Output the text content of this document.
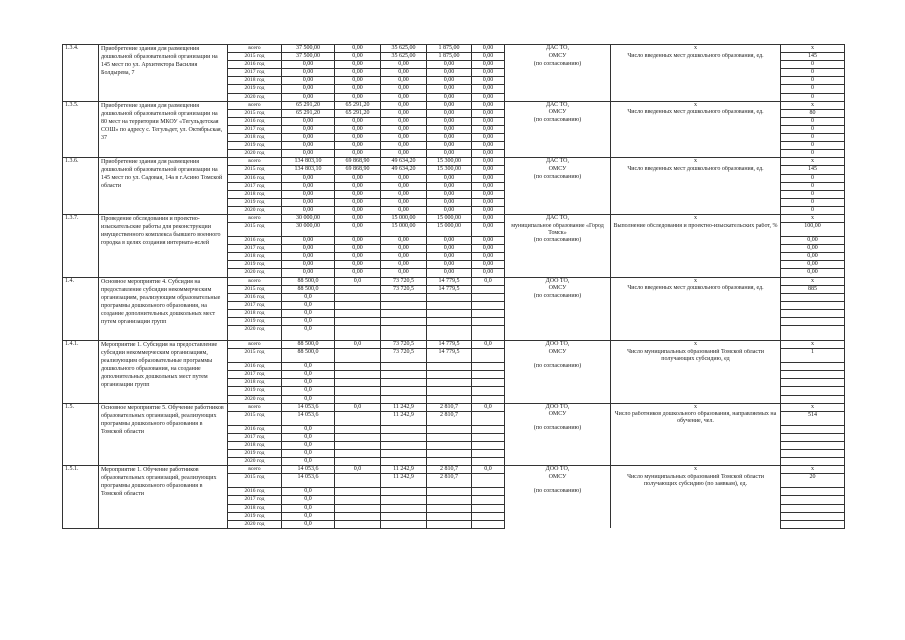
1.3.4.	Приобретение здания для размещения дошкольной образовательной организации на 145 мест по ул. Архитектора Василия Болдырева, 7	всего	37 500,00	0,00	35 625,00	1 875,00	0,00	ДАС ТО,	x	x
		2015 год	37 500,00	0,00	35 625,00	1 875,00	0,00	ОМСУ	Число введенных мест дошкольного образования, ед.	145
		2016 год	0,00	0,00	0,00	0,00	0,00	(по согласованию)		0
		2017 год	0,00	0,00	0,00	0,00	0,00			0
		2018 год	0,00	0,00	0,00	0,00	0,00			0
		2019 год	0,00	0,00	0,00	0,00	0,00			0
		2020 год	0,00	0,00	0,00	0,00	0,00			0
1.3.5.	Приобретение здания для размещения дошкольной образовательной организации на 80 мест на территории МКОУ «Тегульдетская СОШ» по адресу с. Тегульдет, ул. Октябрьская, 37	всего	65 291,20	65 291,20	0,00	0,00	0,00	ДАС ТО,	x	x
		2015 год	65 291,20	65 291,20	0,00	0,00	0,00	ОМСУ	Число введенных мест дошкольного образования, ед.	80
		2016 год	0,00	0,00	0,00	0,00	0,00	(по согласованию)		0
		2017 год	0,00	0,00	0,00	0,00	0,00			0
		2018 год	0,00	0,00	0,00	0,00	0,00			0
		2019 год	0,00	0,00	0,00	0,00	0,00			0
		2020 год	0,00	0,00	0,00	0,00	0,00			0
1.3.6.	Приобретение здания для размещения дошкольной образовательной организации на 145 мест по ул. Садовая, 14а в г.Асино Томской области	всего	134 803,10	69 868,90	49 634,20	15 300,00	0,00	ДАС ТО,	x	x
		2015 год	134 803,10	69 868,90	49 634,20	15 300,00	0,00	ОМСУ	Число введенных мест дошкольного образования, ед.	145
		2016 год	0,00	0,00	0,00	0,00	0,00	(по согласованию)		0
		2017 год	0,00	0,00	0,00	0,00	0,00			0
		2018 год	0,00	0,00	0,00	0,00	0,00			0
		2019 год	0,00	0,00	0,00	0,00	0,00			0
		2020 год	0,00	0,00	0,00	0,00	0,00			0
1.3.7.	Проведение обследования и проектно-изыскательские работы для реконструкции имущественного комплекса бывшего военного городка в целях создания интерната-яслей	всего	30 000,00	0,00	15 000,00	15 000,00	0,00	ДАС ТО,	x	x
		2015 год	30 000,00	0,00	15 000,00	15 000,00	0,00	муниципальное образование «Город Томск»	Выполнение обследования и проектно-изыскательских работ, %	100,00
		2016 год	0,00	0,00	0,00	0,00	0,00	(по согласованию)		0,00
		2017 год	0,00	0,00	0,00	0,00	0,00			0,00
		2018 год	0,00	0,00	0,00	0,00	0,00			0,00
		2019 год	0,00	0,00	0,00	0,00	0,00			0,00
		2020 год	0,00	0,00	0,00	0,00	0,00			0,00
1.4.	Основное мероприятие 4. Субсидия на предоставление субсидии некоммерческим организациям, реализующим образовательные программы дошкольного образования, на создание дополнительных дошкольных мест путем организации групп	всего	88 500,0	0,0	73 720,5	14 779,5	0,0	ДОО ТО,	x	x
		2015 год	88 500,0		73 720,5	14 779,5		ОМСУ	Число введенных мест дошкольного образования, ед.	885
		2016 год	0,0					(по согласованию)		
		2017 год	0,0							
		2018 год	0,0							
		2019 год	0,0							
		2020 год	0,0							
1.4.1.	Мероприятие 1. Субсидия на предоставление субсидии некоммерческим организациям, реализующим образовательные программы дошкольного образования, на создание дополнительных дошкольных мест путем организации групп	всего	88 500,0	0,0	73 720,5	14 779,5	0,0	ДОО ТО,	x	x
		2015 год	88 500,0		73 720,5	14 779,5		ОМСУ	Число муниципальных образований Томской области получающих субсидию, ед	1
		2016 год	0,0					(по согласованию)		
		2017 год	0,0							
		2018 год	0,0							
		2019 год	0,0							
		2020 год	0,0							
1.5.	Основное мероприятие 5. Обучение работников образовательных организаций, реализующих программы дошкольного образования в Томской области	всего	14 053,6	0,0	11 242,9	2 810,7	0,0	ДОО ТО,	x	x
		2015 год	14 053,6		11 242,9	2 810,7		ОМСУ	Число работников дошкольного образования, направляемых на обучение, чел.	514
		2016 год	0,0					(по согласованию)		
		2017 год	0,0							
		2018 год	0,0							
		2019 год	0,0							
		2020 год	0,0							
1.5.1.	Мероприятие 1. Обучение работников образовательных организаций, реализующих программы дошкольного образования в Томской области	всего	14 053,6	0,0	11 242,9	2 810,7	0,0	ДОО ТО,	x	x
		2015 год	14 053,6		11 242,9	2 810,7		ОМСУ	Число муниципальных образований Томской области получающих субсидию (по заявкам), ед.	20
		2016 год	0,0					(по согласованию)		
		2017 год	0,0							
		2018 год	0,0							
		2019 год	0,0							
		2020 год	0,0							
